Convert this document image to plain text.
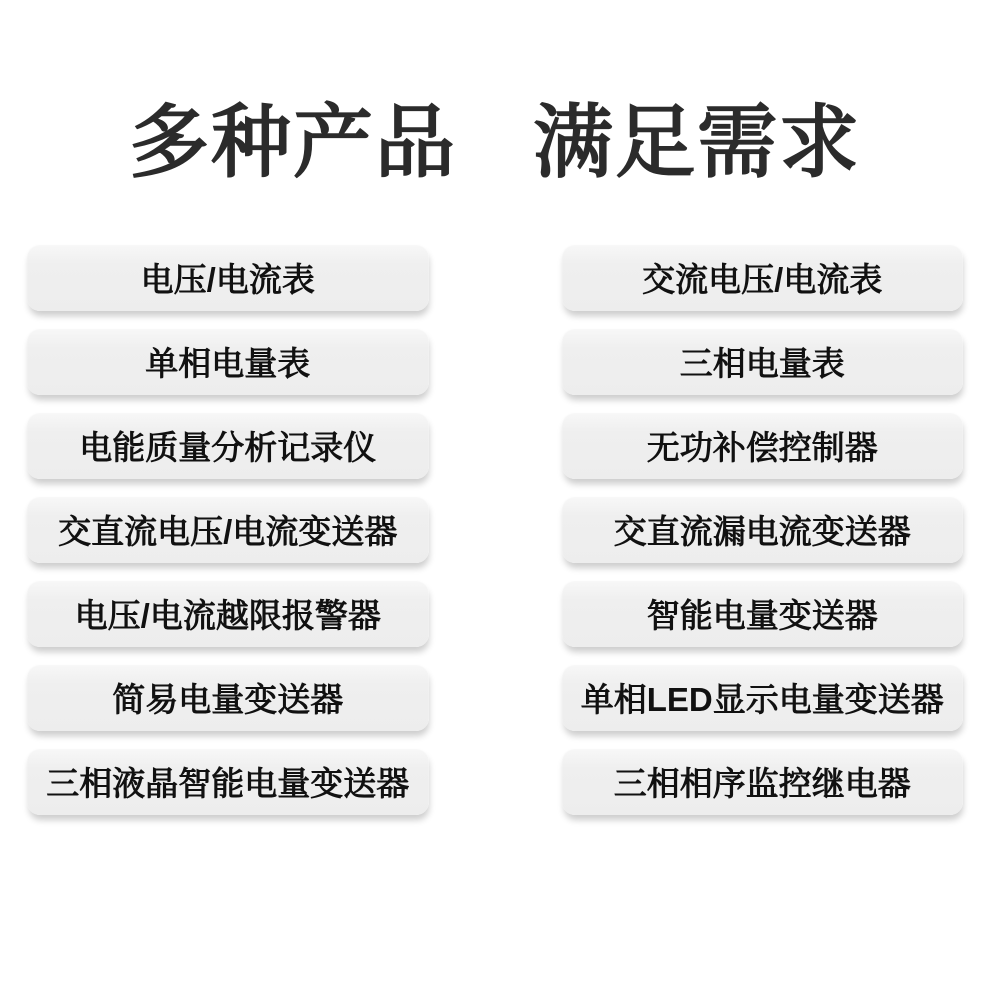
多种产品 满足需求
电压/电流表
单相电量表
电能质量分析记录仪
交直流电压/电流变送器
电压/电流越限报警器
简易电量变送器
三相液晶智能电量变送器
交流电压/电流表
三相电量表
无功补偿控制器
交直流漏电流变送器
智能电量变送器
单相LED显示电量变送器
三相相序监控继电器
